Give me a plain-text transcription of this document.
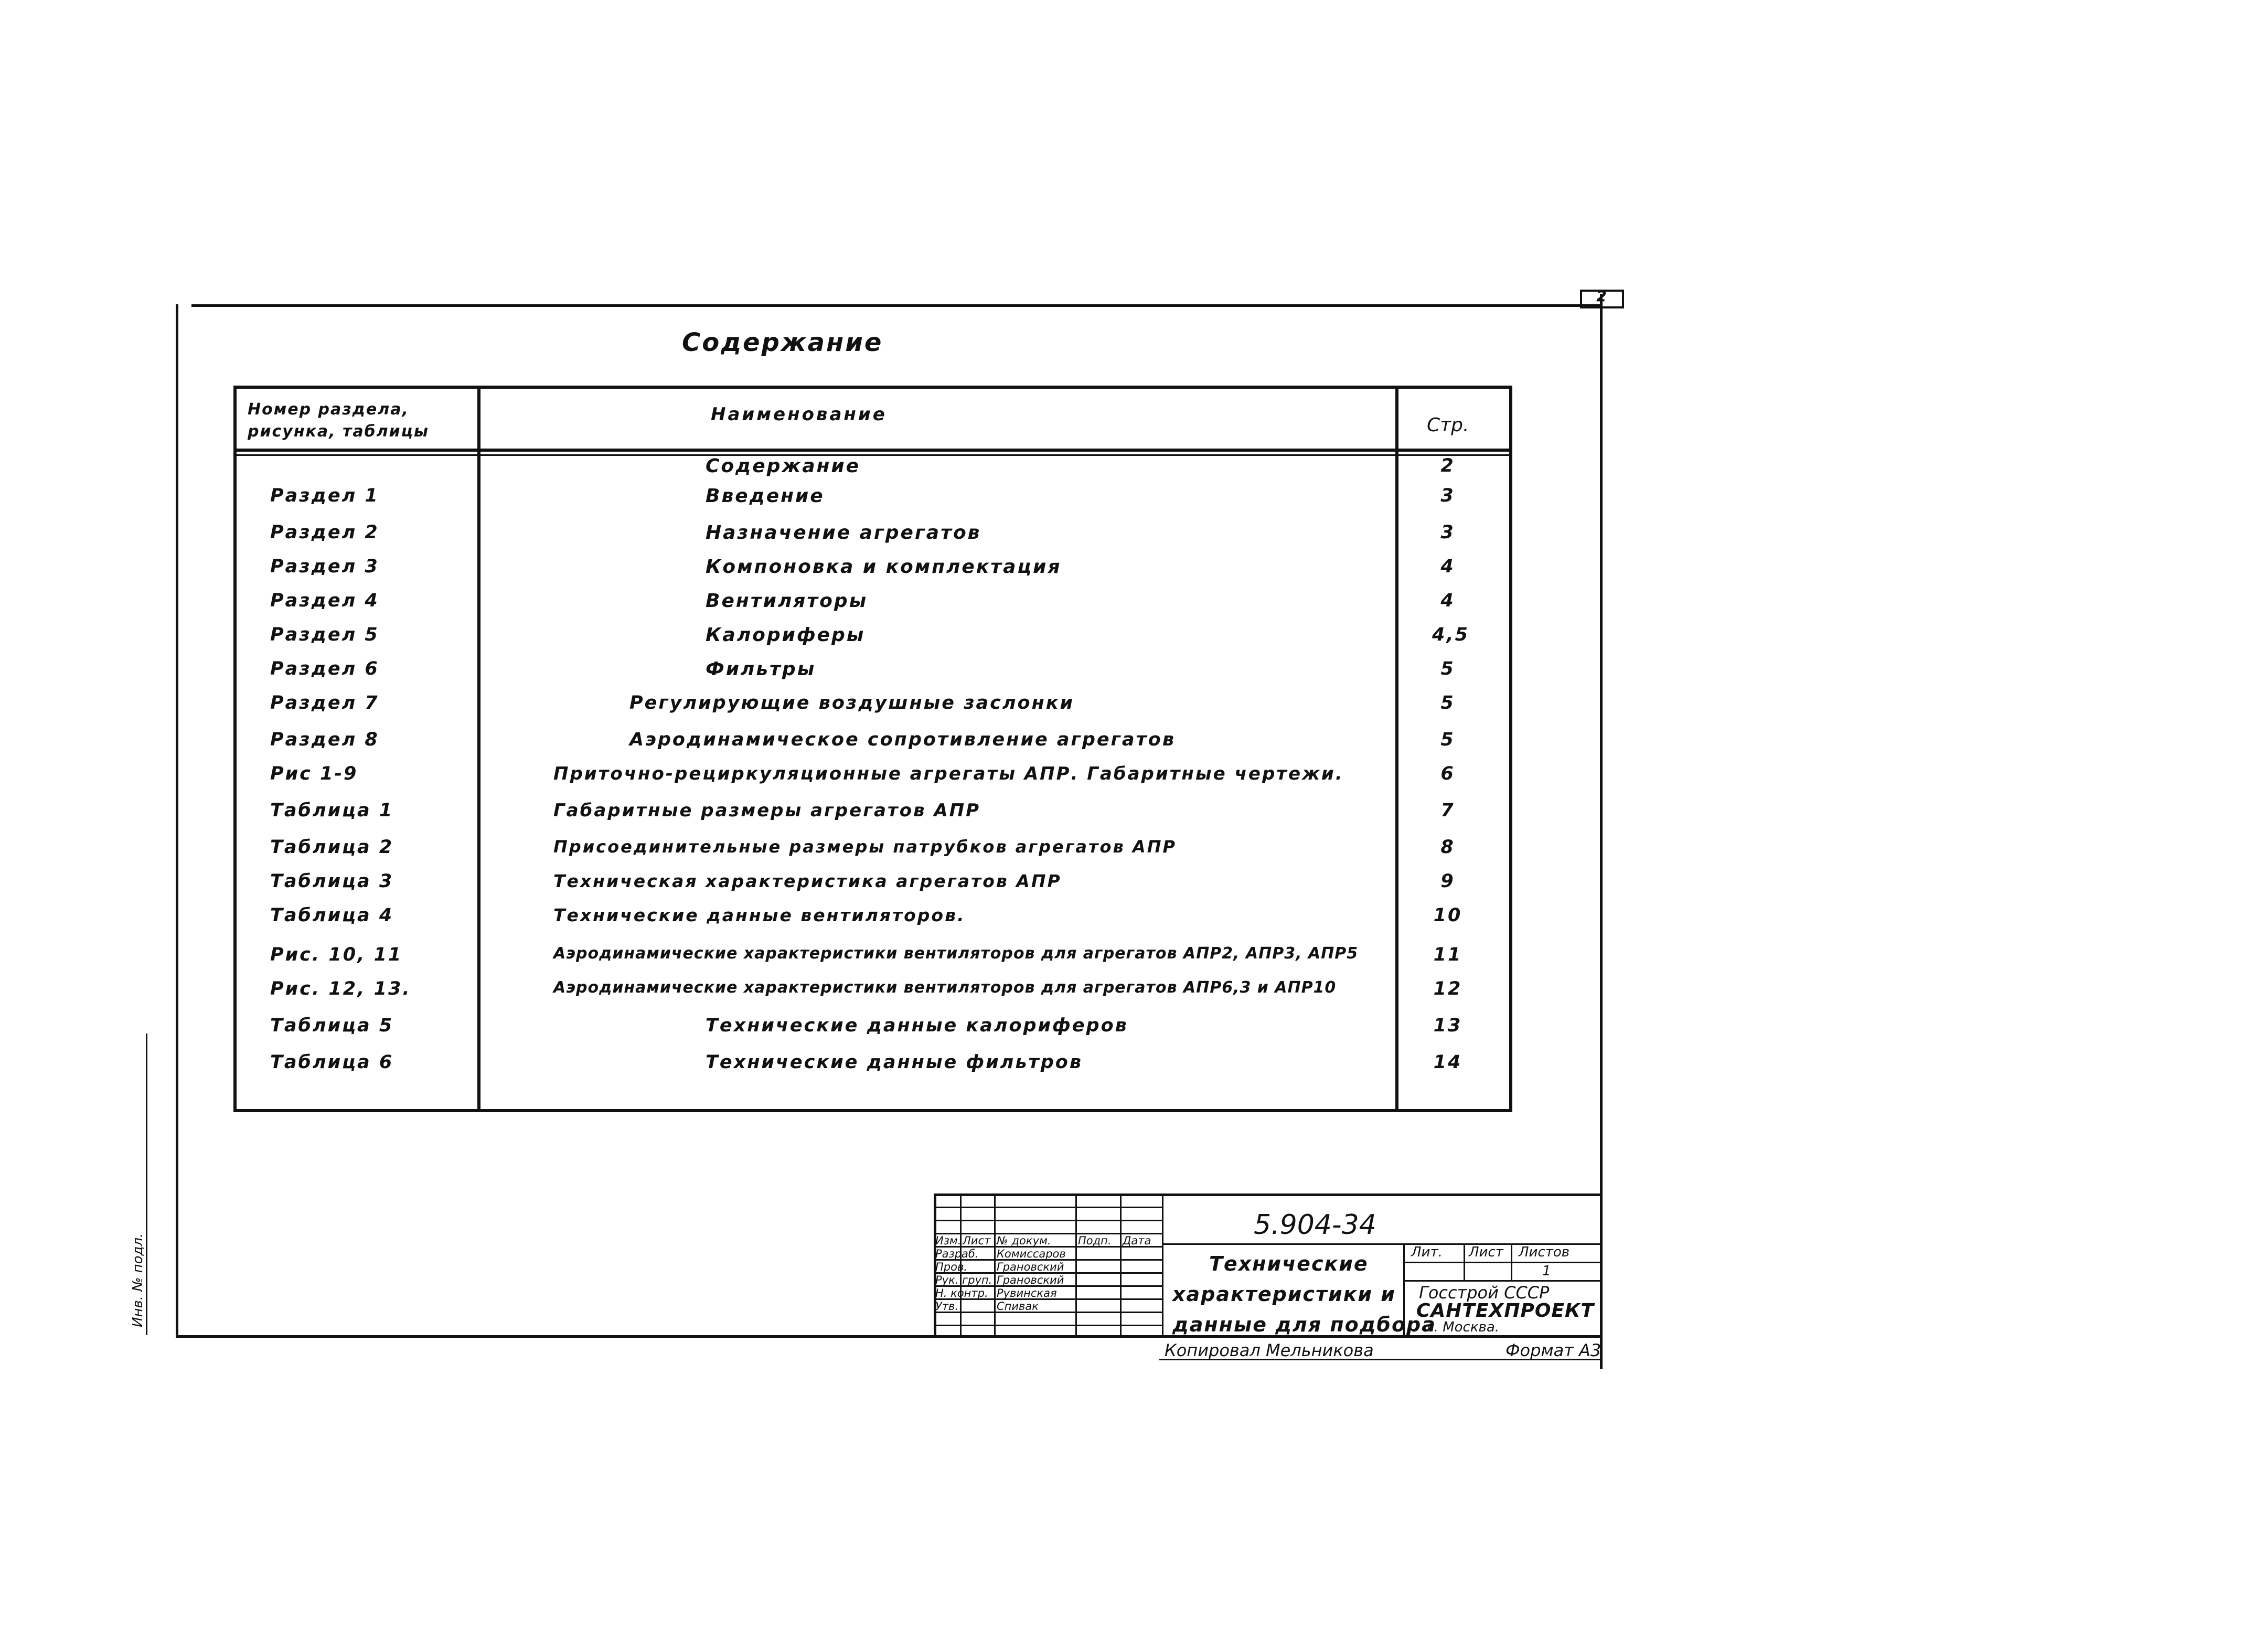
Инв. № подл.
2
Содержание
Номер раздела, рисунка, таблицы
Наименование	Стр.
Содержание	2
Раздел 1	Введение	3
Раздел 2	Назначение агрегатов	3
Раздел 3	Компоновка и комплектация	4
Раздел 4	Вентиляторы	4
Раздел 5	Калориферы	4,5
Раздел 6	Фильтры	5
Раздел 7	Регулирующие воздушные заслонки	5
Раздел 8	Аэродинамическое сопротивление агрегатов	5
Рис 1-9	Приточно-рециркуляционные агрегаты АПР. Габаритные чертежи.	6
Таблица 1	Габаритные размеры агрегатов АПР	7
Таблица 2	Присоединительные размеры патрубков агрегатов АПР	8
Таблица 3	Техническая характеристика агрегатов АПР	9
Таблица 4	Технические данные вентиляторов.	10
Рис. 10, 11	Аэродинамические характеристики вентиляторов для агрегатов АПР2, АПР3, АПР5	11
Рис. 12, 13.	Аэродинамические характеристики вентиляторов для агрегатов АПР6,3 и АПР10	12
Таблица 5	Технические данные калориферов	13
Таблица 6	Технические данные фильтров	14
5.904-34
Технические
характеристики и
данные для подбора
Лит. Лист Листов
1
Госстрой СССР
САНТЕХПРОЕКТ
г. Москва.
Изм. Лист № докум. Подп. Дата
Разраб. Комиссаров
Пров.	Грановский
Рук. груп. Грановский
Н. контр. Рувинская
Утв.	Спивак
Копировал Мельникова	Формат А3
